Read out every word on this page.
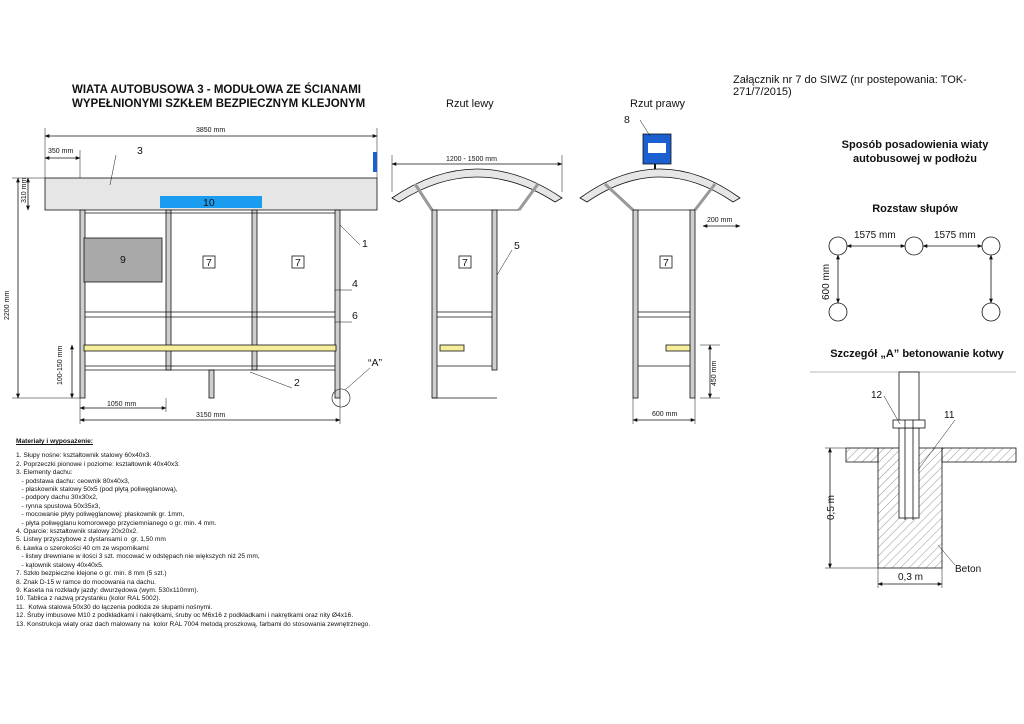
Załącznik nr 7 do SIWZ (nr postepowania: TOK-271/7/2015)
WIATA AUTOBUSOWA 3 - MODUŁOWA ZE ŚCIANAMI
WYPEŁNIONYMI SZKŁEM BEZPIECZNYM KLEJONYM	Rzut lewy	Rzut prawy
3850 mm
350 mm
310 mm
2200 mm
100-150 mm
1050 mm
3150 mm
1200 - 1500 mm
200 mm
450 mm
600 mm
3
10
9	7	7
1
4
6
2
“A”
7
5
7
8
1575 mm	1575 mm
600 mm
12
11
0,5 m
0,3 m
Beton
Sposób posadowienia wiaty
autobusowej w podłożu
Rozstaw słupów
Szczegół „A” betonowanie kotwy
Materiały i wyposażenie:
1. Słupy nośne: kształtownik stalowy 60x40x3.
2. Poprzeczki pionowe i poziome: kształtownik 40x40x3.
3. Elementy dachu:
- podstawa dachu: ceownik 80x40x3,
- płaskownik stalowy 50x5 (pod płytą poliwęglanową),
- podpory dachu 30x30x2,
- rynna spustowa 50x35x3,
- mocowanie płyty poliwęglanowej: płaskownik gr. 1mm,
- płyta poliwęglanu komorowego przyciemnianego o gr. min. 4 mm.
4. Oparcie: kształtownik stalowy 20x20x2.
5. Listwy przyszybowe z dystansami o  gr. 1,50 mm
6. Ławka o szerokości 40 cm ze wspornikami:
- listwy drewniane w ilości 3 szt. mocować w odstępach nie większych niż 25 mm,
- kątownik stalowy 40x40x5.
7. Szkło bezpieczne klejone o gr. min. 8 mm (5 szt.)
8. Znak D-15 w ramce do mocowania na dachu.
9. Kaseta na rozkłady jazdy: dwurzędowa (wym. 530x110mm).
10. Tablica z nazwą przystanku (kolor RAL 5002).
11.  Kotwa stalowa 50x30 do łączenia podłoża ze słupami nośnymi.
12. Śruby imbusowe M10 z podkładkami i nakrętkami, śruby oc M6x16 z podkładkami i nakrętkami oraz nity Ø4x16.
13. Konstrukcja wiaty oraz dach malowany na  kolor RAL 7004 metodą proszkową, farbami do stosowania zewnętrznego.
